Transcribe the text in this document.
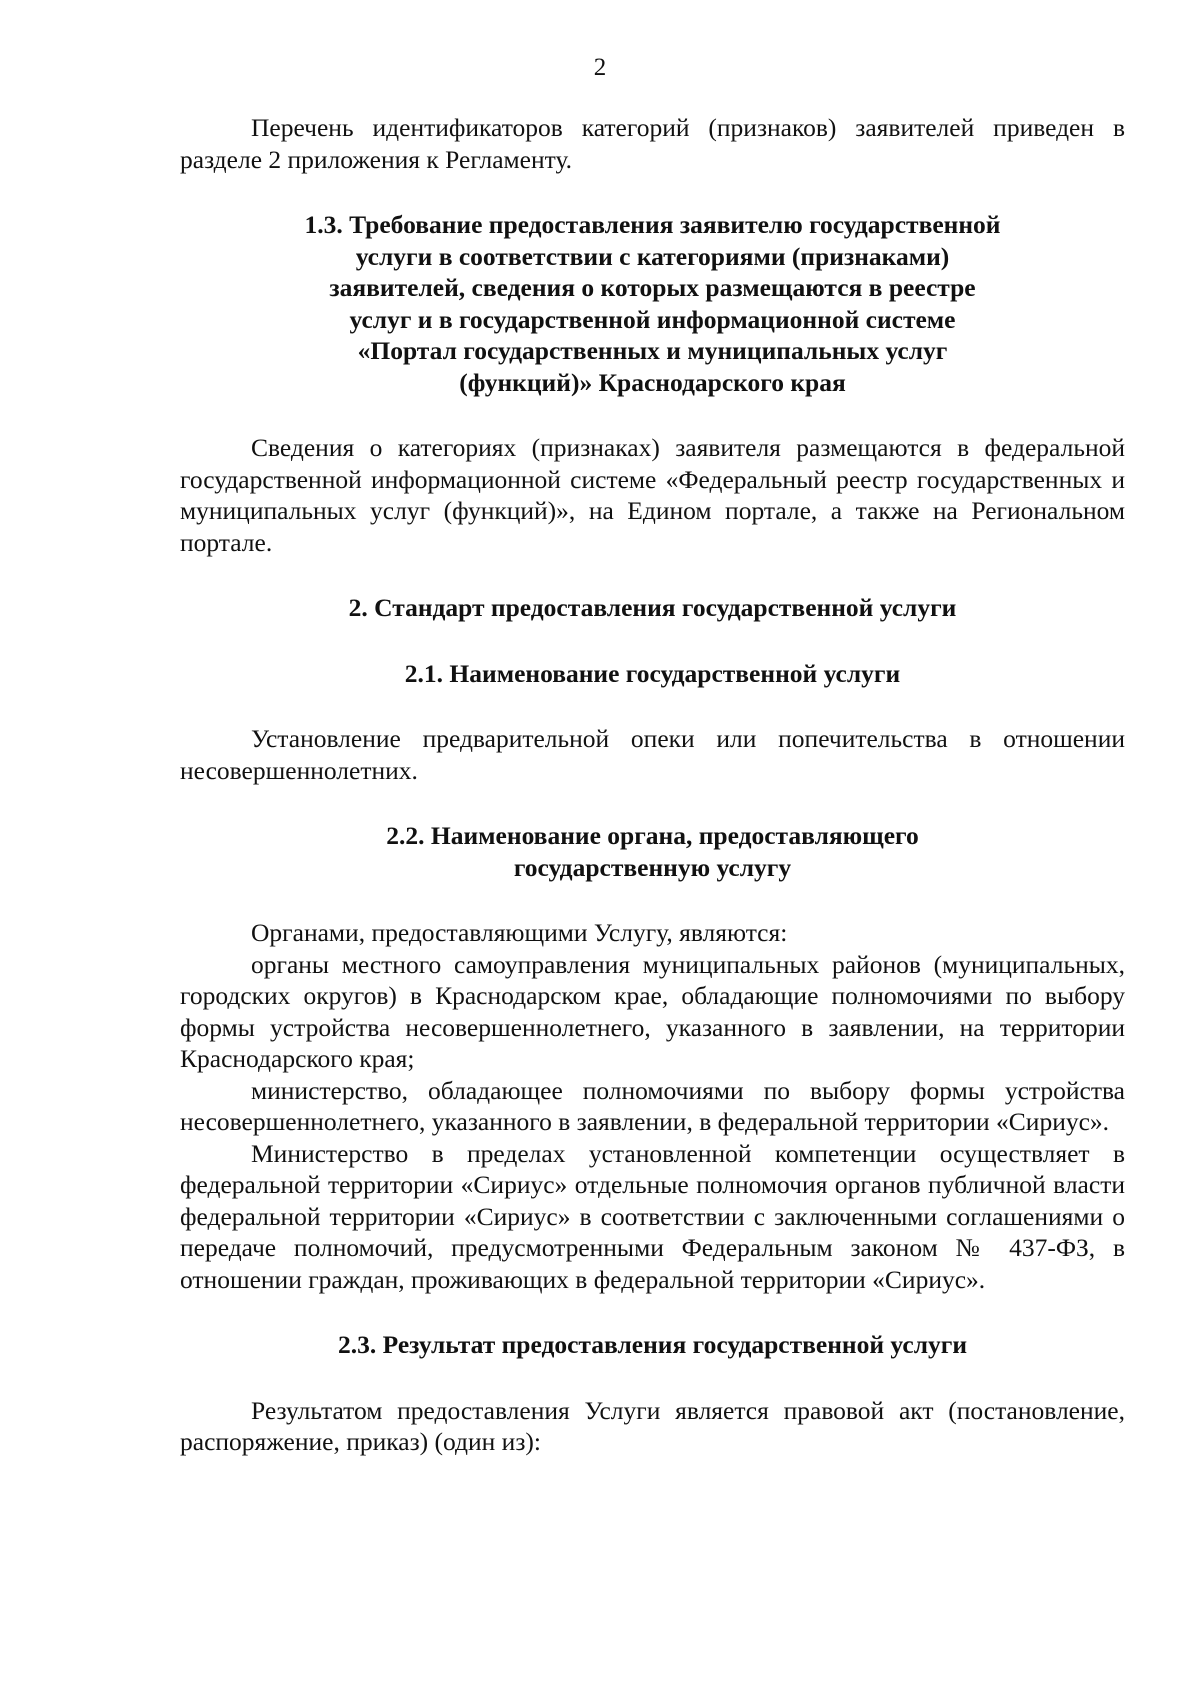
2

Перечень идентификаторов категорий (признаков) заявителей приведен в разделе 2 приложения к Регламенту.

1.3. Требование предоставления заявителю государственной
услуги в соответствии с категориями (признаками)
заявителей, сведения о которых размещаются в реестре
услуг и в государственной информационной системе
«Портал государственных и муниципальных услуг
(функций)» Краснодарского края

Сведения о категориях (признаках) заявителя размещаются в федеральной государственной информационной системе «Федеральный реестр государственных и муниципальных услуг (функций)», на Едином портале, а также на Региональном портале.

2. Стандарт предоставления государственной услуги
2.1. Наименование государственной услуги

Установление предварительной опеки или попечительства в отношении несовершеннолетних.

2.2. Наименование органа, предоставляющего
государственную услугу

Органами, предоставляющими Услугу, являются:

органы местного самоуправления муниципальных районов (муниципальных, городских округов) в Краснодарском крае, обладающие полномочиями по выбору формы устройства несовершеннолетнего, указанного в заявлении, на территории Краснодарского края;

министерство, обладающее полномочиями по выбору формы устройства несовершеннолетнего, указанного в заявлении, в федеральной территории «Сириус».

Министерство в пределах установленной компетенции осуществляет в федеральной территории «Сириус» отдельные полномочия органов публичной власти федеральной территории «Сириус» в соответствии с заключенными соглашениями о передаче полномочий, предусмотренными Федеральным законом № 437-ФЗ, в отношении граждан, проживающих в федеральной территории «Сириус».

2.3. Результат предоставления государственной услуги

Результатом предоставления Услуги является правовой акт (постановление, распоряжение, приказ) (один из):
